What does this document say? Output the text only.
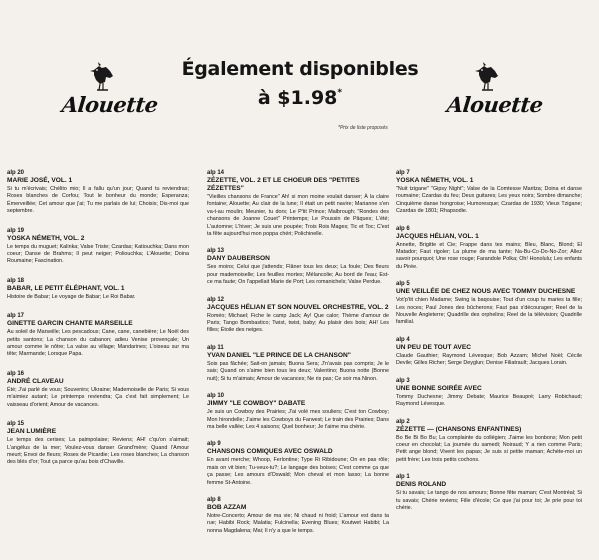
Alouette	Alouette
Également disponibles
à $1.98*
*Prix de liste proposés
alp 20
MARIE JOSÉ, VOL. 1
Si tu m'écrivais; Chélito mio; Il a fallu qu'un jour; Quand tu reviendras; Roses blanches de Corfou; Tout le bonheur du monde; Esperanza; Émerveillée; Cet amour que j'ai; Tu me parlais de lui; Choisis; Dis-moi que septembre.
alp 19
YOSKA NÉMETH, VOL. 2
Le temps du muguet; Kalinka; Valse Triste; Czardas; Katiouchka; Dans mon coeur; Danse de Brahms; Il peut neiger; Poliouchka; L'Alouette; Doina Roumaine; Fascination.
alp 18
BABAR, LE PETIT ÉLÉPHANT, VOL. 1
Histoire de Babar; Le voyage de Babar; Le Roi Babar.
alp 17
GINETTE GARCIN CHANTE MARSEILLE
Au soleil de Marseille; Les pescadous; Cane, cane, canebière; Le Noël des petits santons; La chanson du cabanon; adieu Venise provençale; Un amour comme le nôtre; La valse au village; Mandarines; L'oiseau sur ma tête; Marmande; Lorsque Papa.
alp 16
ANDRÉ CLAVEAU
Été; J'ai parlé de vous; Souvenirs; Ukraine; Mademoiselle de Paris; Si vous m'aimiez autant; Le printemps reviendra; Ça c'est fait simplement; Le vaisseau d'orient; Amour de vacances.
alp 15
JEAN LUMIÈRE
Le temps des cerises; La paimpolaise; Reviens; AH! c'qu'on s'aimait; L'angélus de la mer; Voulez-vous danser Grand'mère; Quand l'Amour meurt; Envoi de fleurs; Roses de Picardie; Les roses blanches; La chanson des blés d'or; Tout ça parce qu'au bois d'Chaville.
alp 14
ZÉZETTE, VOL. 2 ET LE CHOEUR DES "PETITES ZÉZETTES"
"Vieilles chansons de France" Ah! si mon moine voulait danser; À la claire fontaine; Alouette; Au clair de la lune; Il était un petit navire; Marianne s'en va-t-au moulin; Meunier, tu dors; Le P'tit Prince; Malbrough; "Rondes des chansons de Joanne Couet" Printemps; Le Poussin de Pâques; L'été; L'automne; L'hiver; Je suis une poupée; Trois Rois Mages; Tic et Toc; C'est ta fête aujourd'hui mon poppa chéri; Polichinelle.
alp 13
DANY DAUBERSON
Ses moins; Celui que j'attends; Flâner tous les deux; La foule; Des fleurs pour mademoiselle; Les feuilles mortes; Mélancolie; Au bord de l'eau; Est-ce ma faute; On l'appellait Marie de Port; Les romanichels; Valse Perdue.
alp 12
JACQUES HÉLIAN ET SON NOUVEL ORCHESTRE, VOL. 2
Roméo; Michael; Fiche le camp Jack; Ay! Que calor; Thème d'amour de Paris; Tango Bombastico; Twist, twist, baby; Au plaisir des bois; AH! Les filles; Étoile des neiges.
alp 11
YVAN DANIEL "LE PRINCE DE LA CHANSON"
Sois pas fâchée; Sait-on jamais; Buona Sera; J'n'avais pas compris; Je le sais; Quand on s'aime bien tous les deux; Valentino; Buona notte (Bonne nuit); Si tu m'aimais; Amour de vacances; Ne ris pas; Ce soir ma Ninon.
alp 10
JIMMY "LE COWBOY" DABATE
Je suis un Cowboy des Prairies; J'ai volé mes souliers; C'est ton Cowboy; Mon hirondelle; J'aime les Cowboys du Farwest; Le train des Prairies; Dans ma belle vallée; Les 4 saisons; Quel bonheur; Je t'aime ma chérie.
alp 9
CHANSONS COMIQUES AVEC OSWALD
En avant merche; Whoop, Ferlontine; Type Ri Ribidoune; On en pas rôle; mais on vit bien; Tu-veux-tu?; Le langage des boises; C'est comme ça que ça passe; Les amours d'Oswald; Mon cheval et mon lasso; La bonne femme St-Antoine.
alp 8
BOB AZZAM
Notre-Concerto; Amour de ma vie; Ni chaud ni froid; L'amour est dans ta rue; Habibi Rock; Malatia; Fulcinella; Evening Blues; Koutwet Habibi; La nonna Magdalena; Mai; Il n'y a que le temps.
alp 7
YOSKA NÉMETH, VOL. 1
"Nuit tzigane" "Gipsy Night"; Valse de la Comtesse Maritza; Doina et danse roumaine; Czardas du feu; Deux guitares; Les yeux noirs; Sombre dimanche; Cinquième danse hongroise; Humoresque; Czardas de 1930; Vieux Tzigane; Czardas de 1801; Rhapsodie.
alp 6
JACQUES HÉLIAN, VOL. 1
Annette, Brigitte et Cie; Frappe dans tes mains; Bleu, Blanc, Blond; El Matador; Faut rigoler; La plume de ma tante; Na-Bu-Co-Do-No-Zor; Allez savoir pourquoi; Une rose rouge; Farandole Polka; Oh! Honolulu; Les enfants du Pirée.
alp 5
UNE VEILLÉE DE CHEZ NOUS AVEC TOMMY DUCHESNE
Vot'p'tit chien Madame; Swing la baqouise; Tout d'un coup tu maries ta fille; Les noces; Paul Jones des bûcherons; Faut pas s'décourager; Reel de la Nouvelle Angleterre; Quadrille des orphelins; Reel de la télévision; Quadrille familial.
alp 4
UN PEU DE TOUT AVEC
Claude Gauthier; Raymond Lévesque; Bob Azzam; Michel Noël; Cécile Devile; Gilles Richer; Serge Deyglun; Denise Filiatrault; Jacques Lorain.
alp 3
UNE BONNE SOIRÉE AVEC
Tommy Duchesne; Jimmy Debate; Maurice Beaupré; Larry Robichaud; Raymond Lévesque.
alp 2
ZÉZETTE — (CHANSONS ENFANTINES)
Bo Be Bi Bo Bu; La complainte du collégien; J'aime les bonbons; Mon petit coeur en chocolat; La journée du samedi; Noiraud; Y a rien comme Paris; Petit ange blond; Vivent les papas; Je suis si petite maman; Achète-moi un petit frère; Les trois petits cochons.
alp 1
DENIS ROLAND
Si tu savais; Le tango de nos amours; Bonne fête maman; C'est Montréal; Si tu savais; Chérie reviens; Fille d'école; Ce que j'ai pour toi; Je prie pour toi chérie.
